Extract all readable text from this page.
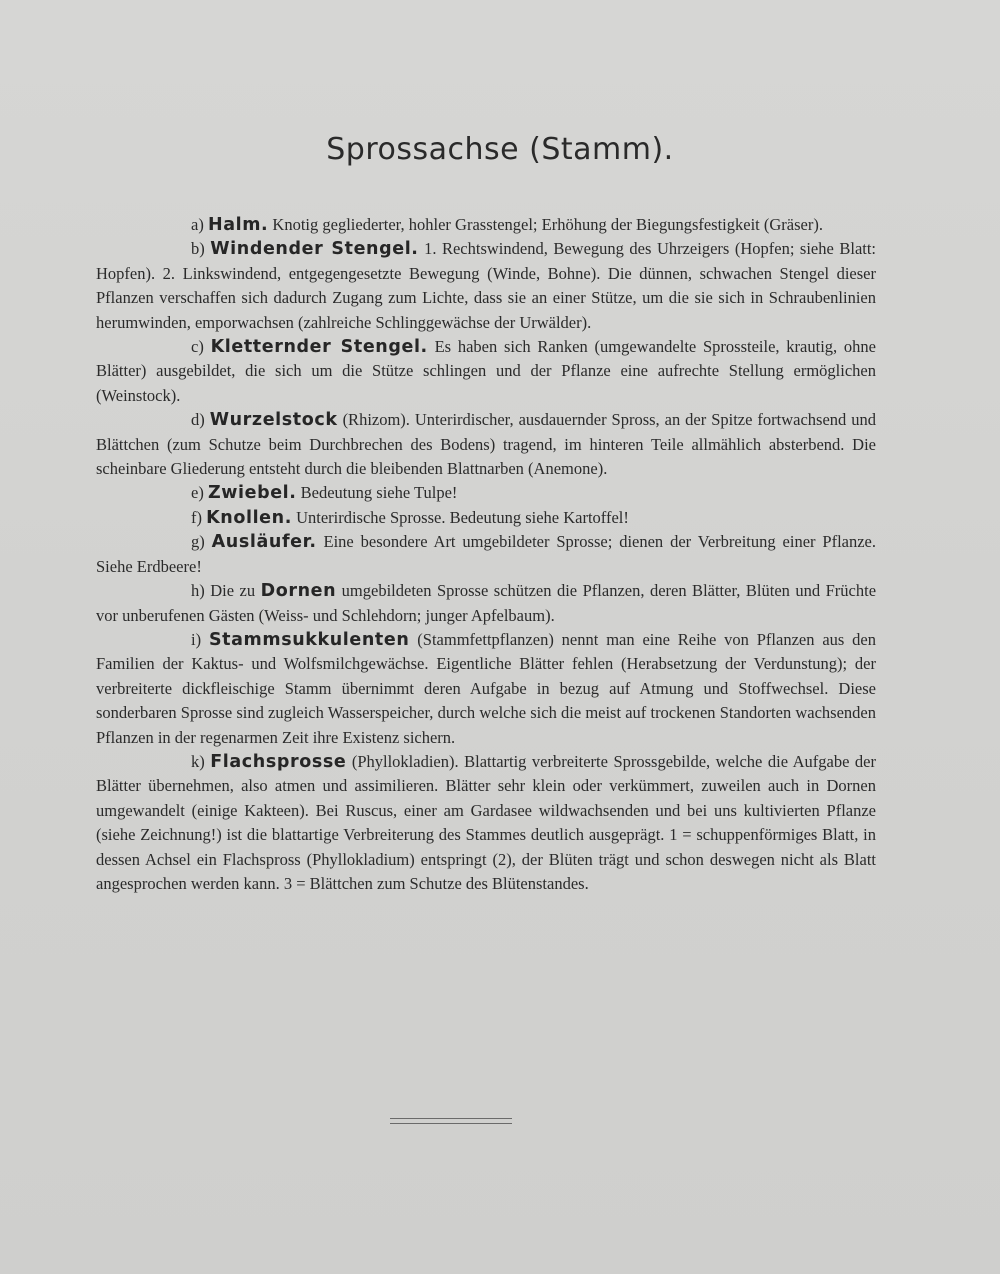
Sprossachse (Stamm).

a) Halm. Knotig gegliederter, hohler Grasstengel; Erhöhung der Biegungsfestigkeit (Gräser).

b) Windender Stengel. 1. Rechtswindend, Bewegung des Uhrzeigers (Hopfen; siehe Blatt: Hopfen). 2. Linkswindend, entgegengesetzte Bewegung (Winde, Bohne). Die dünnen, schwachen Stengel dieser Pflanzen verschaffen sich dadurch Zugang zum Lichte, dass sie an einer Stütze, um die sie sich in Schraubenlinien herumwinden, emporwachsen (zahlreiche Schlinggewächse der Urwälder).

c) Kletternder Stengel. Es haben sich Ranken (umgewandelte Sprossteile, krautig, ohne Blätter) ausgebildet, die sich um die Stütze schlingen und der Pflanze eine aufrechte Stellung ermöglichen (Weinstock).

d) Wurzelstock (Rhizom). Unterirdischer, ausdauernder Spross, an der Spitze fortwachsend und Blättchen (zum Schutze beim Durchbrechen des Bodens) tragend, im hinteren Teile allmählich absterbend. Die scheinbare Gliederung entsteht durch die bleibenden Blattnarben (Anemone).

e) Zwiebel. Bedeutung siehe Tulpe!

f) Knollen. Unterirdische Sprosse. Bedeutung siehe Kartoffel!

g) Ausläufer. Eine besondere Art umgebildeter Sprosse; dienen der Verbreitung einer Pflanze. Siehe Erdbeere!

h) Die zu Dornen umgebildeten Sprosse schützen die Pflanzen, deren Blätter, Blüten und Früchte vor unberufenen Gästen (Weiss- und Schlehdorn; junger Apfelbaum).

i) Stammsukkulenten (Stammfettpflanzen) nennt man eine Reihe von Pflanzen aus den Familien der Kaktus- und Wolfsmilchgewächse. Eigentliche Blätter fehlen (Herabsetzung der Verdunstung); der verbreiterte dickfleischige Stamm übernimmt deren Aufgabe in bezug auf Atmung und Stoffwechsel. Diese sonderbaren Sprosse sind zugleich Wasserspeicher, durch welche sich die meist auf trockenen Standorten wachsenden Pflanzen in der regenarmen Zeit ihre Existenz sichern.

k) Flachsprosse (Phyllokladien). Blattartig verbreiterte Sprossgebilde, welche die Aufgabe der Blätter übernehmen, also atmen und assimilieren. Blätter sehr klein oder verkümmert, zuweilen auch in Dornen umgewandelt (einige Kakteen). Bei Ruscus, einer am Gardasee wildwachsenden und bei uns kultivierten Pflanze (siehe Zeichnung!) ist die blattartige Verbreiterung des Stammes deutlich ausgeprägt. 1 = schuppenförmiges Blatt, in dessen Achsel ein Flachspross (Phyllokladium) entspringt (2), der Blüten trägt und schon deswegen nicht als Blatt angesprochen werden kann. 3 = Blättchen zum Schutze des Blütenstandes.
